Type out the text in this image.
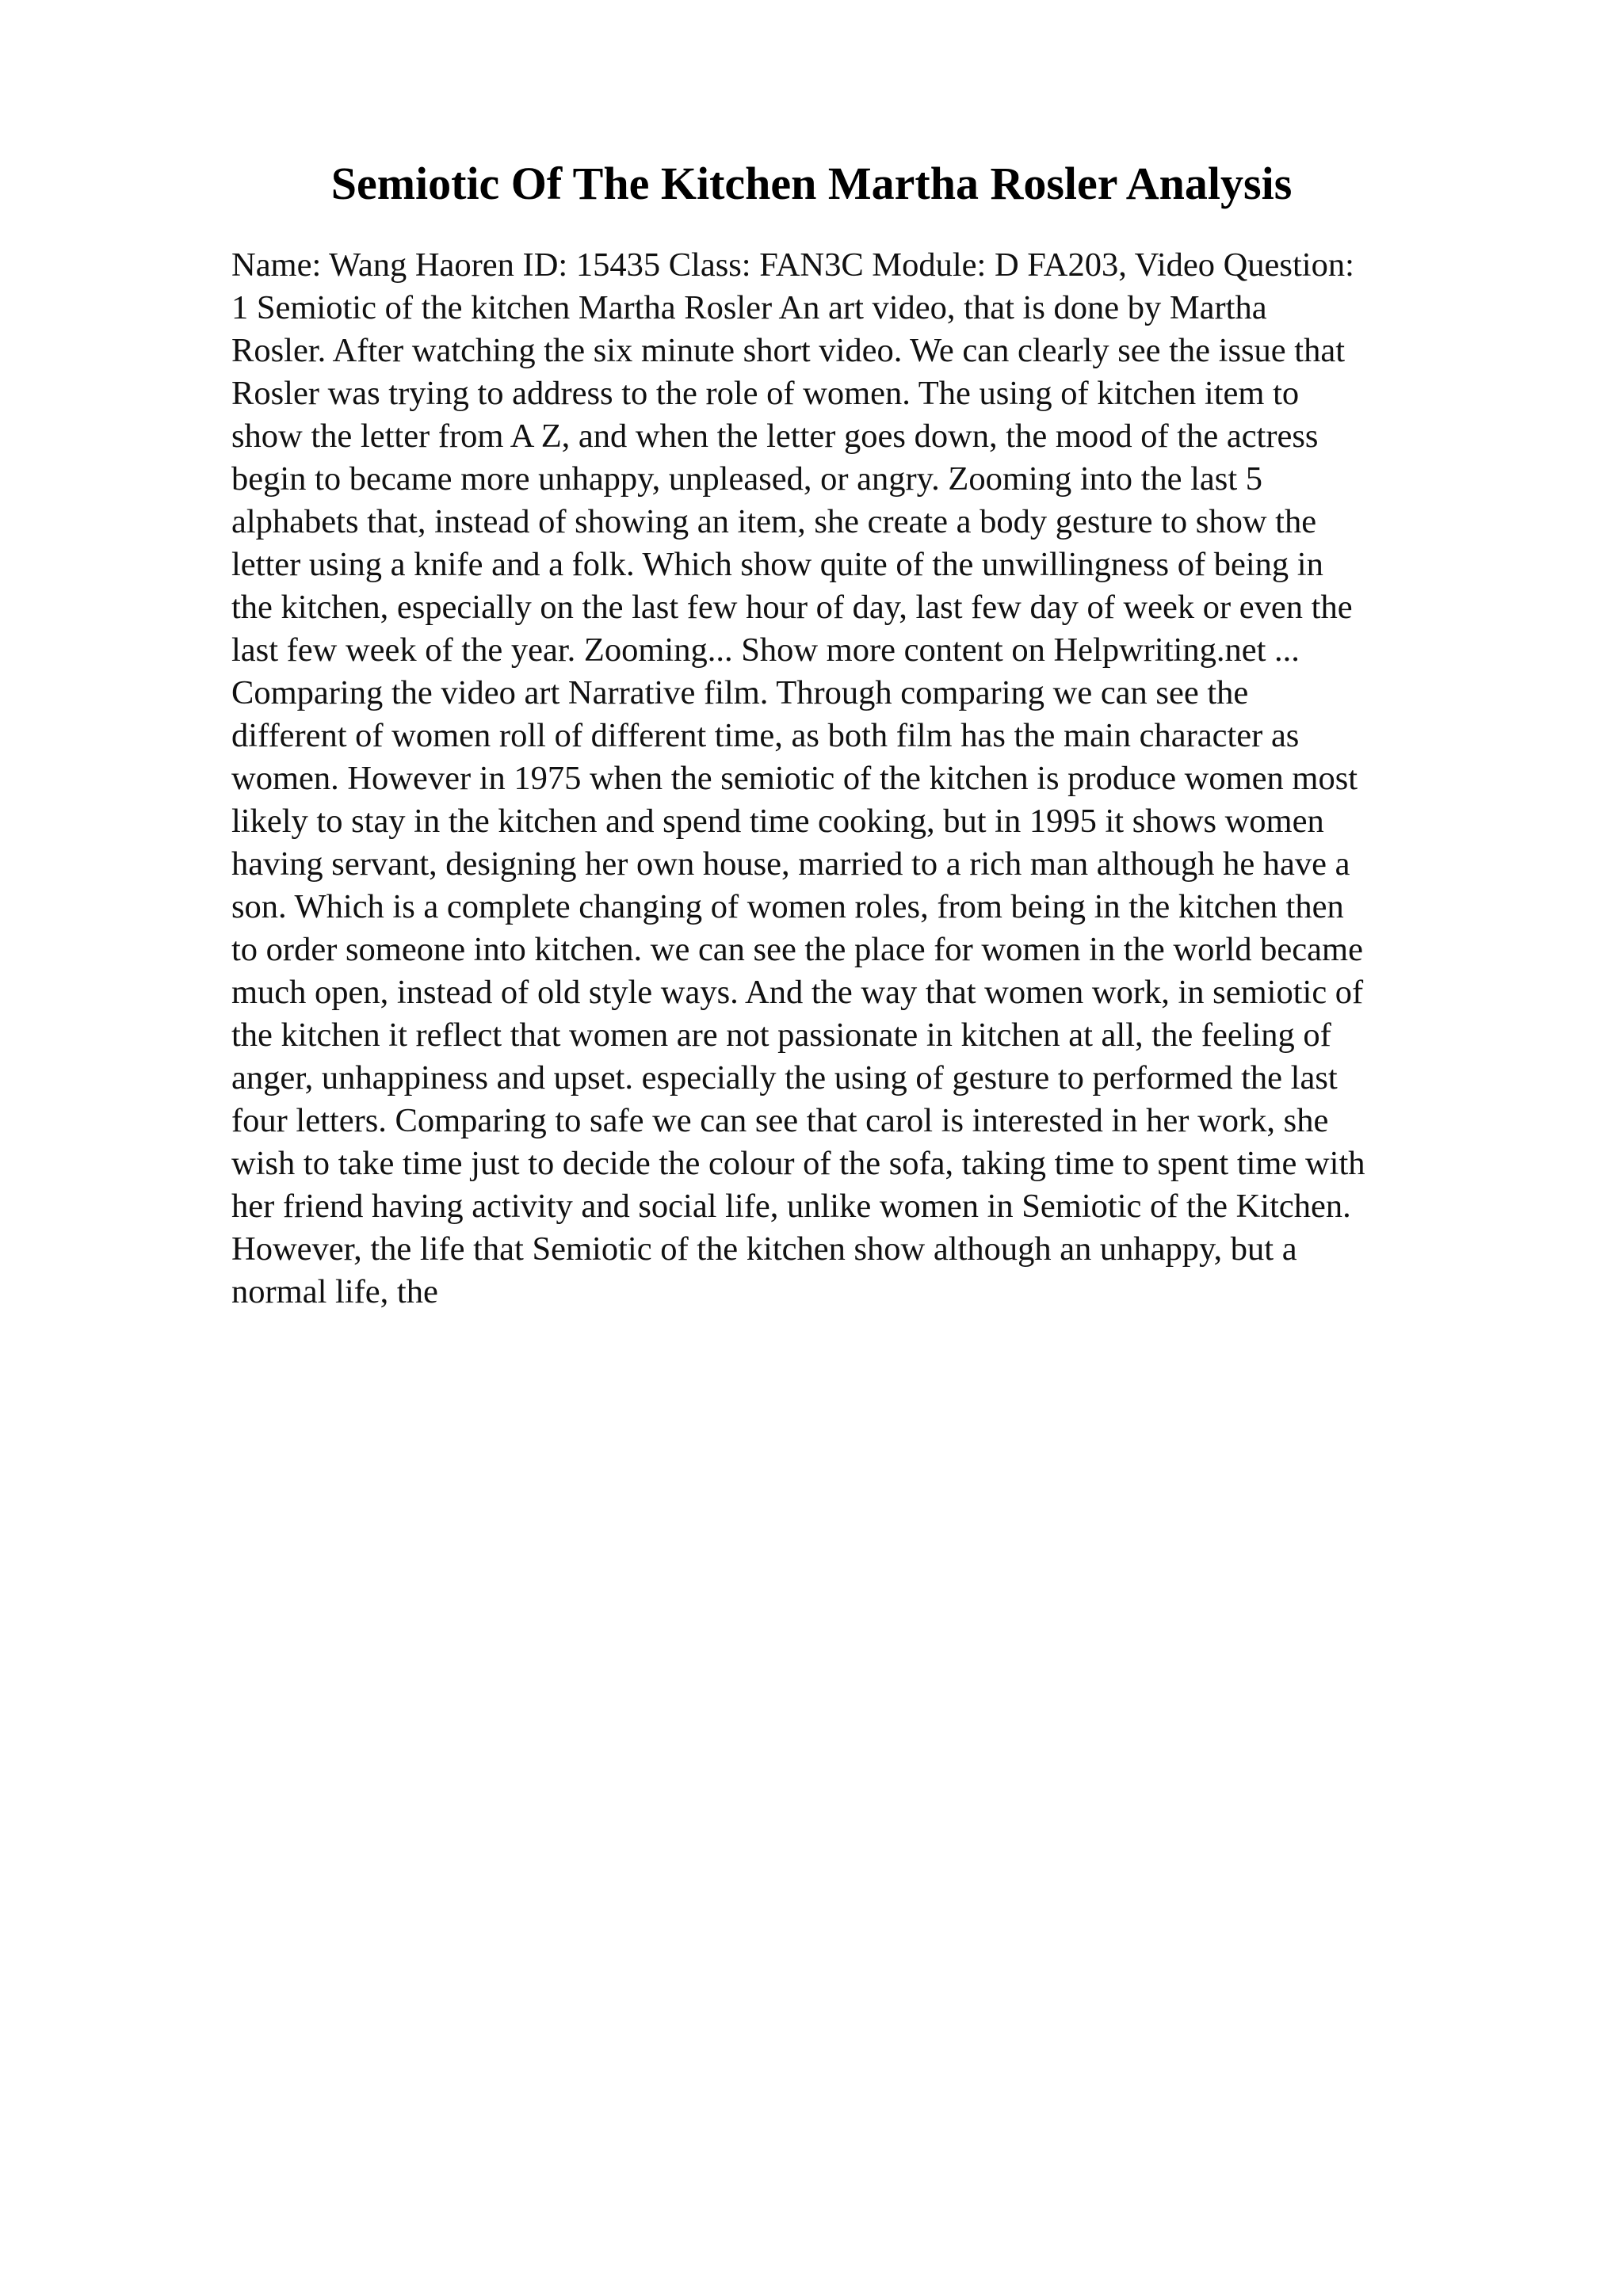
Semiotic Of The Kitchen Martha Rosler Analysis
Name: Wang Haoren ID: 15435 Class: FAN3C Module: D FA203, Video Question:
1 Semiotic of the kitchen Martha Rosler An art video, that is done by Martha
Rosler. After watching the six minute short video. We can clearly see the issue that
Rosler was trying to address to the role of women. The using of kitchen item to
show the letter from A Z, and when the letter goes down, the mood of the actress
begin to became more unhappy, unpleased, or angry. Zooming into the last 5
alphabets that, instead of showing an item, she create a body gesture to show the
letter using a knife and a folk. Which show quite of the unwillingness of being in
the kitchen, especially on the last few hour of day, last few day of week or even the
last few week of the year. Zooming... Show more content on Helpwriting.net ...
Comparing the video art Narrative film. Through comparing we can see the
different of women roll of different time, as both film has the main character as
women. However in 1975 when the semiotic of the kitchen is produce women most
likely to stay in the kitchen and spend time cooking, but in 1995 it shows women
having servant, designing her own house, married to a rich man although he have a
son. Which is a complete changing of women roles, from being in the kitchen then
to order someone into kitchen. we can see the place for women in the world became
much open, instead of old style ways. And the way that women work, in semiotic of
the kitchen it reflect that women are not passionate in kitchen at all, the feeling of
anger, unhappiness and upset. especially the using of gesture to performed the last
four letters. Comparing to safe we can see that carol is interested in her work, she
wish to take time just to decide the colour of the sofa, taking time to spent time with
her friend having activity and social life, unlike women in Semiotic of the Kitchen.
However, the life that Semiotic of the kitchen show although an unhappy, but a
normal life, the
